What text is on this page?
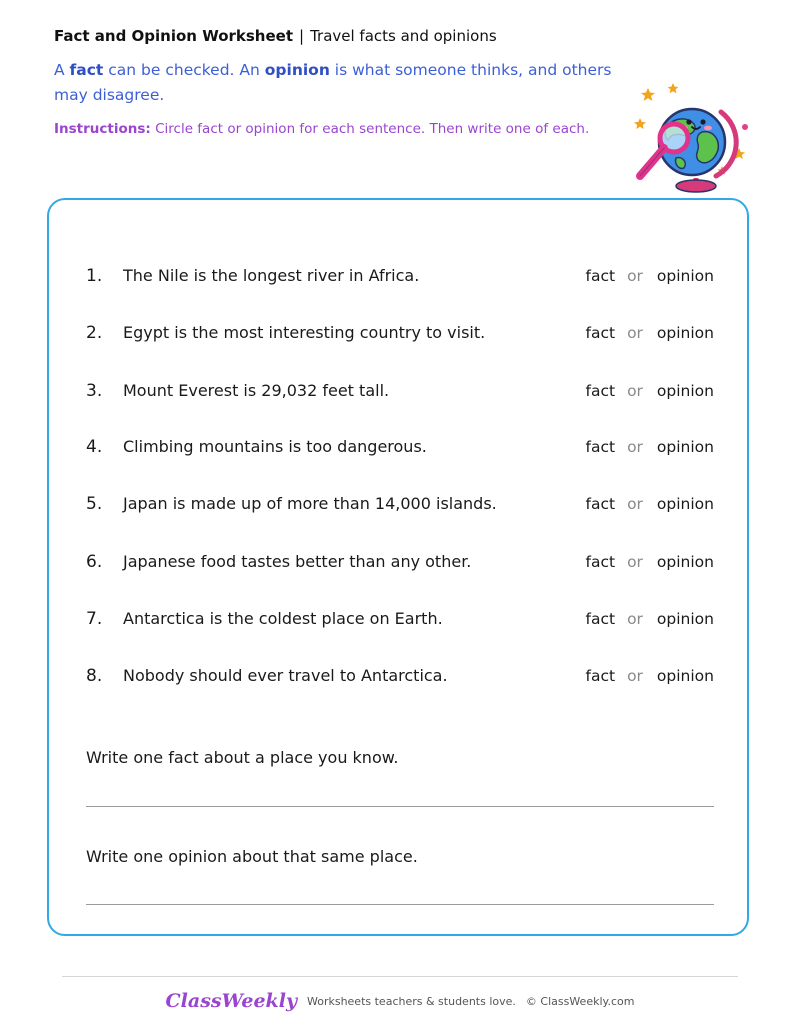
Fact and Opinion Worksheet | Travel facts and opinions
A fact can be checked. An opinion is what someone thinks, and others may disagree.
Instructions: Circle fact or opinion for each sentence. Then write one of each.
1.	The Nile is the longest river in Africa.	fact or opinion
2.	Egypt is the most interesting country to visit.	fact or opinion
3.	Mount Everest is 29,032 feet tall.	fact or opinion
4.	Climbing mountains is too dangerous.	fact or opinion
5.	Japan is made up of more than 14,000 islands.	fact or opinion
6.	Japanese food tastes better than any other.	fact or opinion
7.	Antarctica is the coldest place on Earth.	fact or opinion
8.	Nobody should ever travel to Antarctica.	fact or opinion
Write one fact about a place you know.
Write one opinion about that same place.
ClassWeekly Worksheets teachers & students love. © ClassWeekly.com
